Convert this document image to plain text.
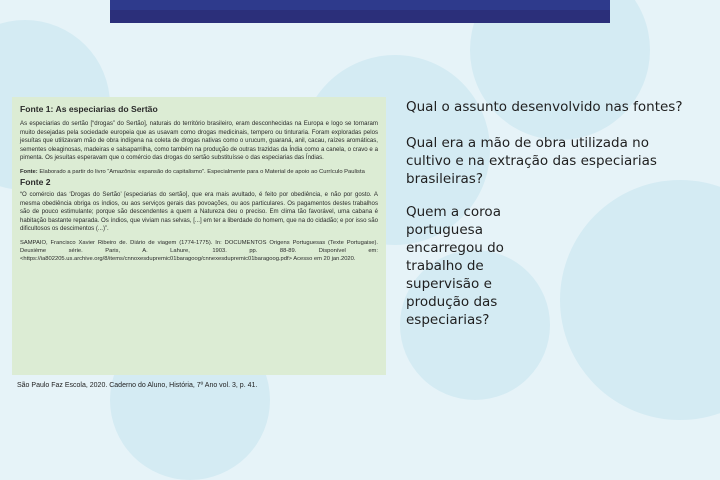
Fonte 1: As especiarias do Sertão

As especiarias do sertão [“drogas” do Sertão], naturais do território brasileiro, eram desconhecidas na Europa e logo se tornaram muito desejadas pela sociedade europeia que as usavam como drogas medicinais, tempero ou tinturaria. Foram exploradas pelos jesuítas que utilizavam mão de obra indígena na coleta de drogas nativas como o urucum, guaraná, anil, cacau, raízes aromáticas, sementes oleaginosas, madeiras e salsaparrilha, como também na produção de outras trazidas da Índia como a canela, o cravo e a pimenta. Os jesuítas esperavam que o comércio das drogas do sertão substituísse o das especiarias das Índias.

Fonte: Elaborado a partir do livro “Amazônia: expansão do capitalismo”. Especialmente para o Material de apoio ao Currículo Paulista

Fonte 2

“O comércio das ‘Drogas do Sertão’ [especiarias do sertão], que era mais avultado, é feito por obediência, e não por gosto. A mesma obediência obriga os índios, ou aos serviços gerais das povoações, ou aos particulares. Os pagamentos destes trabalhos são de pouco estimulante; porque são descendentes a quem a Natureza deu o preciso. Em clima tão favorável, uma cabana é habitação bastante reparada. Os índios, que viviam nas selvas, [...] em ter a liberdade do homem, que na do cidadão; e por isso são dificultosos os descimentos (...)”.

SAMPAIO, Francisco Xavier Ribeiro de. Diário de viagem (1774-1775). In: DOCUMENTOS Origens Portuguesas (Texte Portugaise). Deuxième série. Paris, A. Lahure, 1903. pp. 88-89. Disponível em: <https://ia802205.us.archive.org/8/items/cnnoxesdupremic01baragoog/cnnexesdupremic01baragoog.pdf> Acesso em 20 jan.2020.

São Paulo Faz Escola, 2020. Caderno do Aluno, História, 7º Ano vol. 3, p. 41.
Qual o assunto desenvolvido nas fontes?
Qual era a mão de obra utilizada no cultivo e na extração das especiarias brasileiras?
Quem a coroa portuguesa encarregou do trabalho de supervisão e produção das especiarias?
